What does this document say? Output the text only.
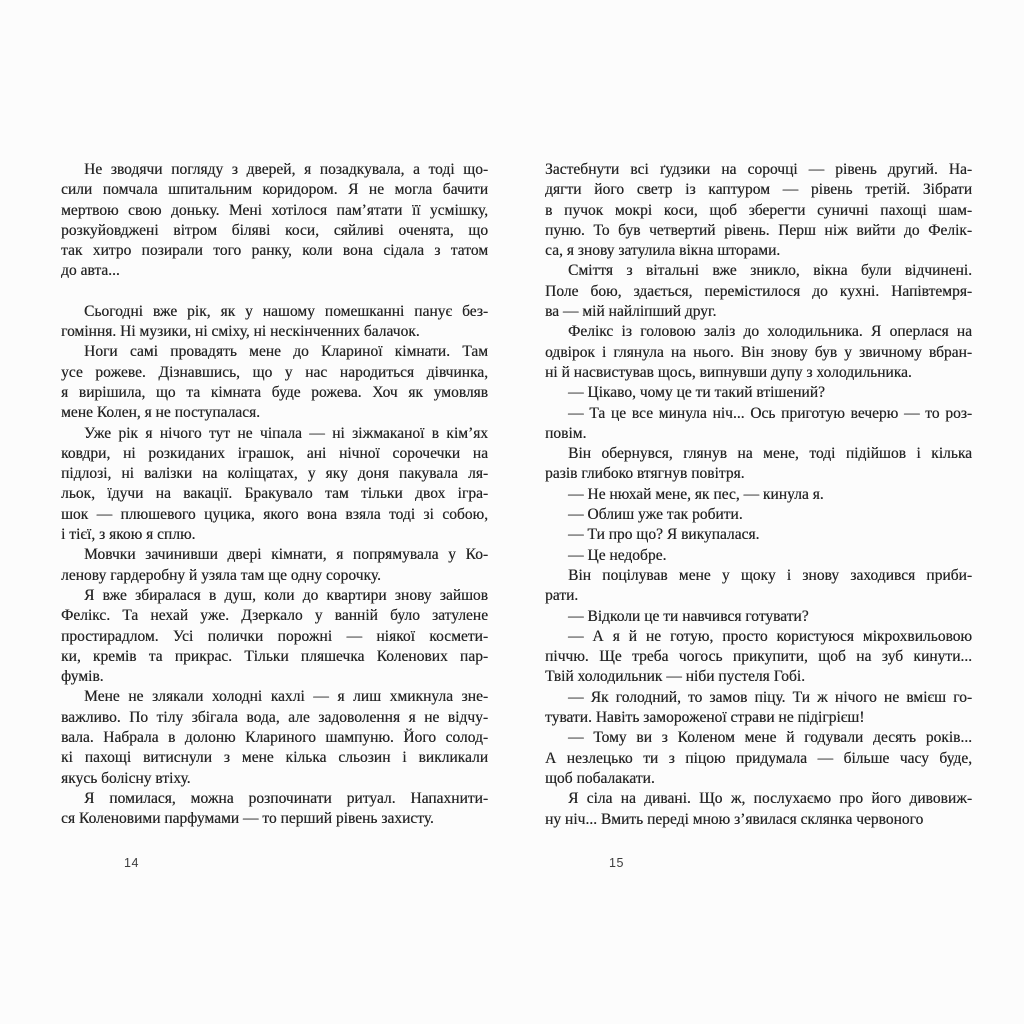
Не зводячи погляду з дверей, я позадкувала, а тоді що-
сили помчала шпитальним коридором. Я не могла бачити
мертвою свою доньку. Мені хотілося пам’ятати її усмішку,
розкуйовджені вітром біляві коси, сяйливі оченята, що
так хитро позирали того ранку, коли вона сідала з татом
до авта...
Сьогодні вже рік, як у нашому помешканні панує без-
гоміння. Ні музики, ні сміху, ні нескінченних балачок.
Ноги самі провадять мене до Клариної кімнати. Там
усе рожеве. Дізнавшись, що у нас народиться дівчинка,
я вирішила, що та кімната буде рожева. Хоч як умовляв
мене Колен, я не поступалася.
Уже рік я нічого тут не чіпала — ні зіжмаканої в кім’ях
ковдри, ні розкиданих іграшок, ані нічної сорочечки на
підлозі, ні валізки на коліщатах, у яку доня пакувала ля-
льок, їдучи на вакації. Бракувало там тільки двох ігра-
шок — плюшевого цуцика, якого вона взяла тоді зі собою,
і тієї, з якою я сплю.
Мовчки зачинивши двері кімнати, я попрямувала у Ко-
ленову гардеробну й узяла там ще одну сорочку.
Я вже збиралася в душ, коли до квартири знову зайшов
Фелікс. Та нехай уже. Дзеркало у ванній було затулене
простирадлом. Усі полички порожні — ніякої космети-
ки, кремів та прикрас. Тільки пляшечка Коленових пар-
фумів.
Мене не злякали холодні кахлі — я лиш хмикнула зне-
важливо. По тілу збігала вода, але задоволення я не відчу-
вала. Набрала в долоню Клариного шампуню. Його солод-
кі пахощі витиснули з мене кілька сльозин і викликали
якусь болісну втіху.
Я помилася, можна розпочинати ритуал. Напахнити-
ся Коленовими парфумами — то перший рівень захисту.
Застебнути всі ґудзики на сорочці — рівень другий. На-
дягти його светр із каптуром — рівень третій. Зібрати
в пучок мокрі коси, щоб зберегти суничні пахощі шам-
пуню. То був четвертий рівень. Перш ніж вийти до Фелік-
са, я знову затулила вікна шторами.
Сміття з вітальні вже зникло, вікна були відчинені.
Поле бою, здається, перемістилося до кухні. Напівтемря-
ва — мій найліпший друг.
Фелікс із головою заліз до холодильника. Я оперлася на
одвірок і глянула на нього. Він знову був у звичному вбран-
ні й насвистував щось, випнувши дупу з холодильника.
— Цікаво, чому це ти такий втішений?
— Та це все минула ніч... Ось приготую вечерю — то роз-
повім.
Він обернувся, глянув на мене, тоді підійшов і кілька
разів глибоко втягнув повітря.
— Не нюхай мене, як пес, — кинула я.
— Облиш уже так робити.
— Ти про що? Я викупалася.
— Це недобре.
Він поцілував мене у щоку і знову заходився приби-
рати.
— Відколи це ти навчився готувати?
— А я й не готую, просто користуюся мікрохвильовою
піччю. Ще треба чогось прикупити, щоб на зуб кинути...
Твій холодильник — ніби пустеля Гобі.
— Як голодний, то замов піцу. Ти ж нічого не вмієш го-
тувати. Навіть замороженої страви не підігрієш!
— Тому ви з Коленом мене й годували десять років...
А незлецько ти з піцою придумала — більше часу буде,
щоб побалакати.
Я сіла на дивані. Що ж, послухаємо про його дивовиж-
ну ніч... Вмить переді мною з’явилася склянка червоного
14	15
